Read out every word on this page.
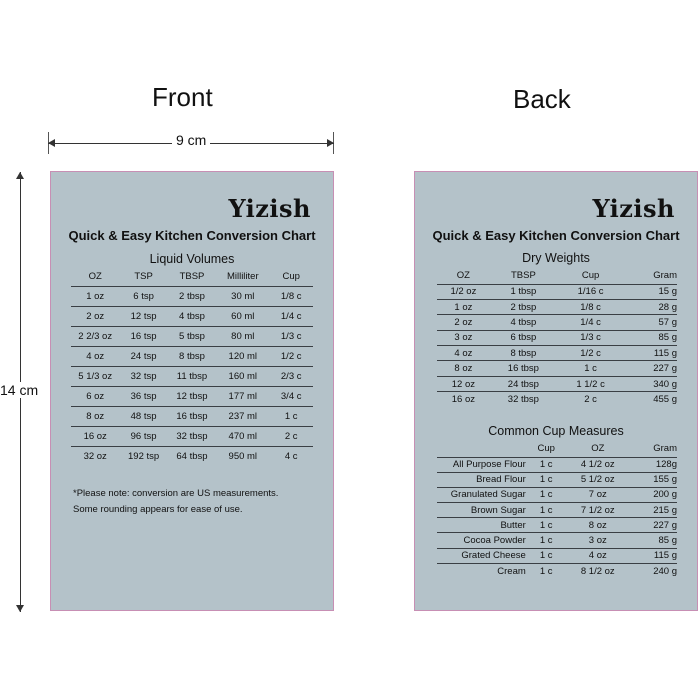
Front	Back
9 cm
14 cm
Yizish
Quick & Easy Kitchen Conversion Chart
Liquid Volumes
OZ	TSP	TBSP	Milliliter	Cup
1 oz	6 tsp	2 tbsp	30 ml	1/8 c
2 oz	12 tsp	4 tbsp	60 ml	1/4 c
2 2/3 oz	16 tsp	5 tbsp	80 ml	1/3 c
4 oz	24 tsp	8 tbsp	120 ml	1/2 c
5 1/3 oz	32 tsp	11 tbsp	160 ml	2/3 c
6 oz	36 tsp	12 tbsp	177 ml	3/4 c
8 oz	48 tsp	16 tbsp	237 ml	1 c
16 oz	96 tsp	32 tbsp	470 ml	2 c
32 oz	192 tsp	64 tbsp	950 ml	4 c
*Please note: conversion are US measurements.
Some rounding appears for ease of use.
Yizish
Quick & Easy Kitchen Conversion Chart
Dry Weights
OZ	TBSP	Cup	Gram
1/2 oz	1 tbsp	1/16 c	15 g
1 oz	2 tbsp	1/8 c	28 g
2 oz	4 tbsp	1/4 c	57 g
3 oz	6 tbsp	1/3 c	85 g
4 oz	8 tbsp	1/2 c	115 g
8 oz	16 tbsp	1 c	227 g
12 oz	24 tbsp	1 1/2 c	340 g
16 oz	32 tbsp	2 c	455 g
Common Cup Measures
	Cup	OZ	Gram
All Purpose Flour	1 c	4 1/2 oz	128g
Bread Flour	1 c	5 1/2 oz	155 g
Granulated Sugar	1 c	7 oz	200 g
Brown Sugar	1 c	7 1/2 oz	215 g
Butter	1 c	8 oz	227 g
Cocoa Powder	1 c	3 oz	85 g
Grated Cheese	1 c	4 oz	115 g
Cream	1 c	8 1/2 oz	240 g
